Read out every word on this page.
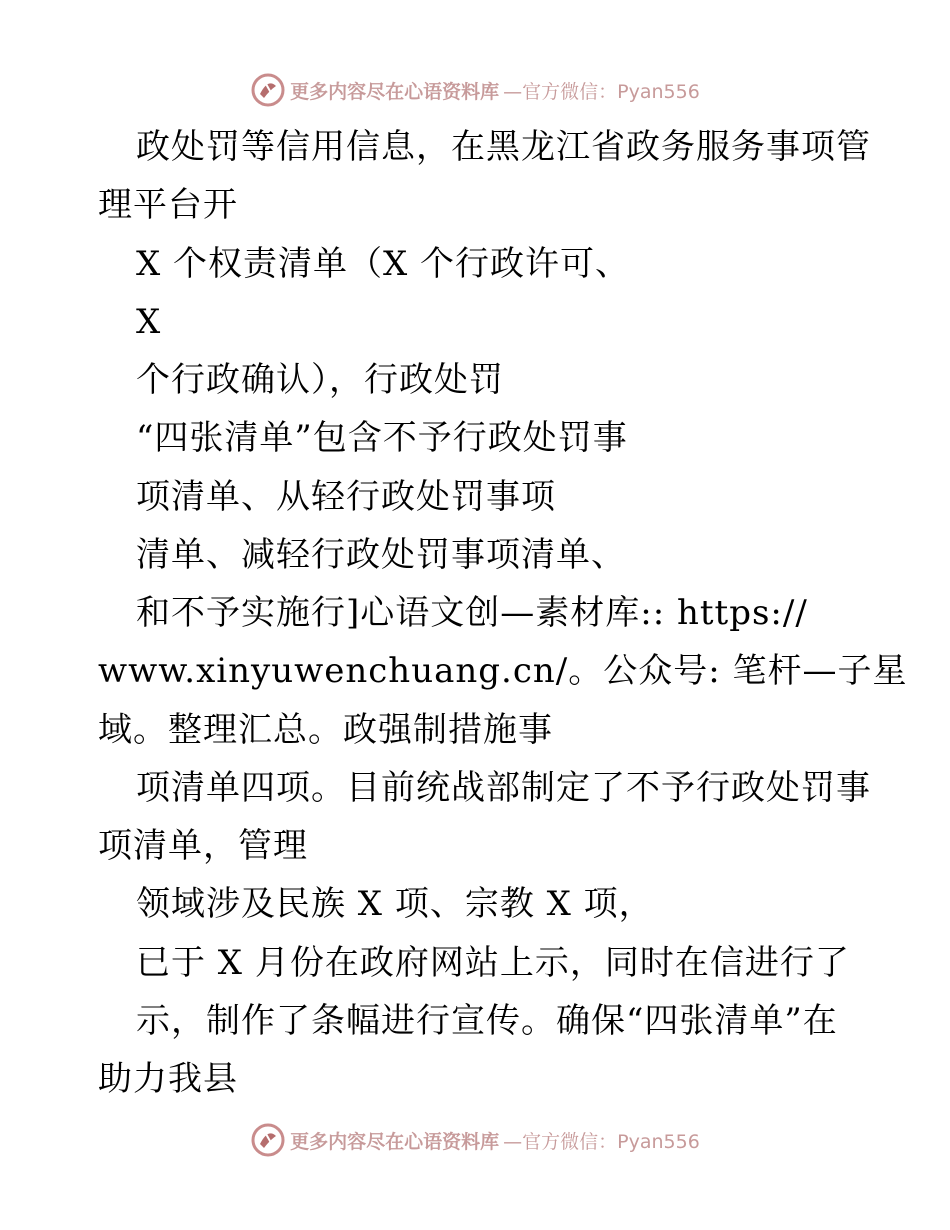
更多内容尽在心语资料库 —官方微信：Pyan556
政处罚等信用信息，在黑龙江省政务服务事项管
理平台开
X 个权责清单（X 个行政许可、
X
个行政确认），行政处罚
“四张清单”包含不予行政处罚事
项清单、从轻行政处罚事项
清单、减轻行政处罚事项清单、
和不予实施行]心语文创—素材库:: https://
www.xinyuwenchuang.cn/。公众号: 笔杆—子星
域。整理汇总。政强制措施事
项清单四项。目前统战部制定了不予行政处罚事
项清单，管理
领域涉及民族 X 项、宗教 X 项，
已于 X 月份在政府网站上示，同时在信进行了
示，制作了条幅进行宣传。确保“四张清单”在
助力我县
更多内容尽在心语资料库 —官方微信：Pyan556
